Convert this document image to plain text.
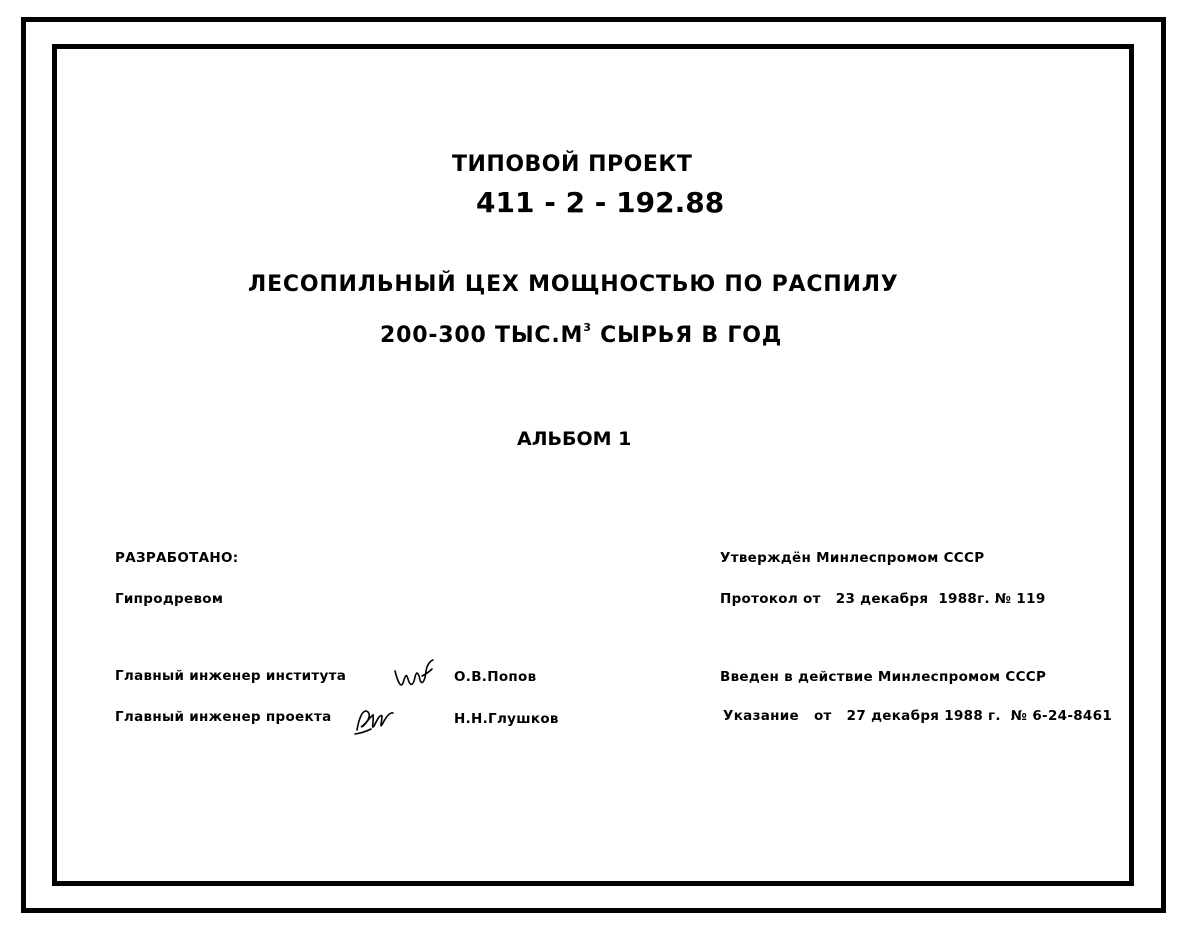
ТИПОВОЙ ПРОЕКТ
411 - 2 - 192.88
ЛЕСОПИЛЬНЫЙ ЦЕХ МОЩНОСТЬЮ ПО РАСПИЛУ
200-300 $ТЫС.М^3$ СЫРЬЯ В ГОД
АЛЬБОМ 1
РАЗРАБОТАНО:
Гипродревом
Главный инженер института	О.В.Попов
Главный инженер проекта	Н.Н.Глушков
Утверждён Минлеспромом СССР
Протокол от   23 декабря  1988г. № 119
Введен в действие Минлеспромом СССР
Указание   от   27 декабря 1988 г.  № 6-24-8461
